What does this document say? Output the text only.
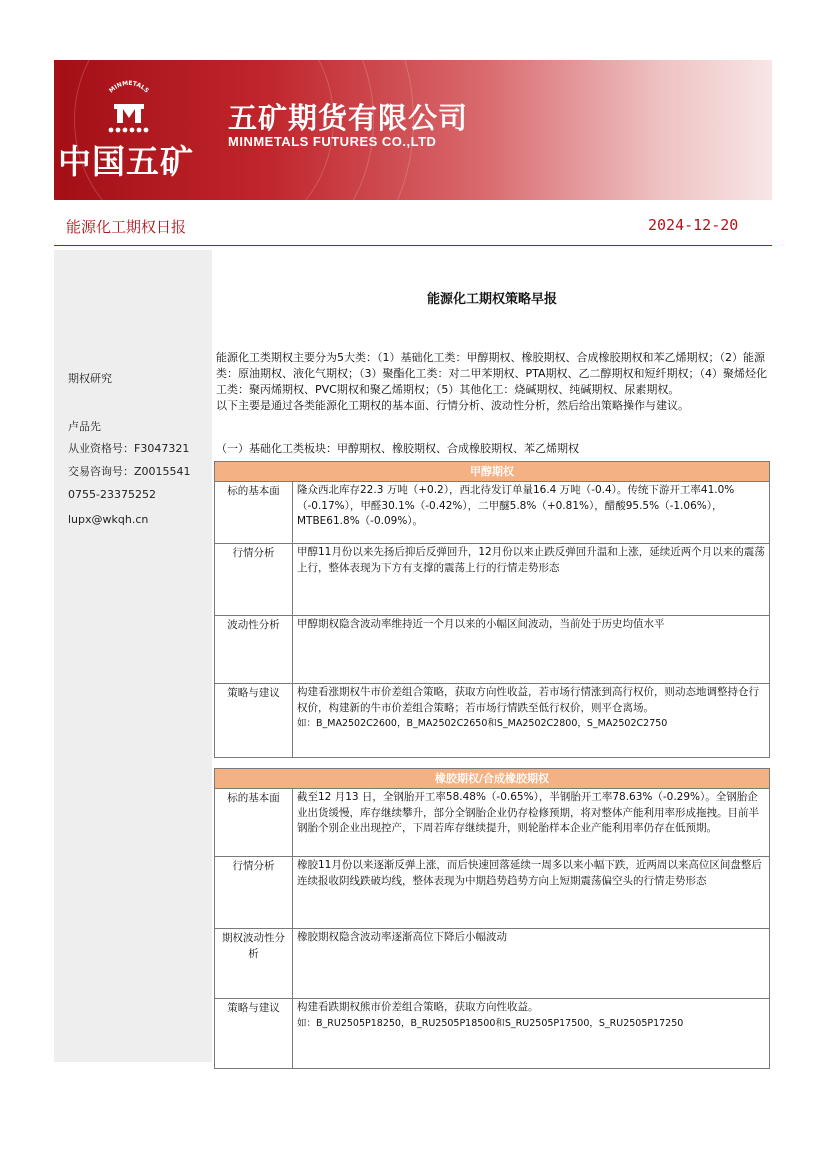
MINMETALS
中国五矿
五矿期货有限公司
MINMETALS FUTURES CO.,LTD
能源化工期权日报	2024-12-20
期权研究
卢品先
从业资格号：F3047321
交易咨询号：Z0015541
0755-23375252
lupx@wkqh.cn
能源化工期权策略早报

能源化工类期权主要分为5大类：（1）基础化工类：甲醇期权、橡胶期权、合成橡胶期权和苯乙烯期权；（2）能源类：原油期权、液化气期权；（3）聚酯化工类：对二甲苯期权、PTA期权、乙二醇期权和短纤期权；（4）聚烯烃化工类：聚丙烯期权、PVC期权和聚乙烯期权；（5）其他化工：烧碱期权、纯碱期权、尿素期权。

以下主要是通过各类能源化工期权的基本面、行情分析、波动性分析，然后给出策略操作与建议。

（一）基础化工类板块：甲醇期权、橡胶期权、合成橡胶期权、苯乙烯期权
甲醇期权	
标的基本面	隆众西北库存22.3 万吨（+0.2），西北待发订单量16.4 万吨（-0.4）。传统下游开工率41.0%（-0.17%），甲醛30.1%（-0.42%），二甲醚5.8%（+0.81%），醋酸95.5%（-1.06%），MTBE61.8%（-0.09%）。
行情分析	甲醇11月份以来先扬后抑后反弹回升，12月份以来止跌反弹回升温和上涨，延续近两个月以来的震荡上行，整体表现为下方有支撑的震荡上行的行情走势形态
波动性分析	甲醇期权隐含波动率维持近一个月以来的小幅区间波动，当前处于历史均值水平
策略与建议	构建看涨期权牛市价差组合策略，获取方向性收益，若市场行情涨到高行权价，则动态地调整持仓行权价，构建新的牛市价差组合策略；若市场行情跌至低行权价，则平仓离场。
如：B_MA2502C2600，B_MA2502C2650和S_MA2502C2800，S_MA2502C2750
橡胶期权/合成橡胶期权	
标的基本面	截至12 月13 日，全钢胎开工率58.48%（-0.65%），半钢胎开工率78.63%（-0.29%）。全钢胎企业出货缓慢，库存继续攀升，部分全钢胎企业仍存检修预期，将对整体产能利用率形成拖拽。目前半钢胎个别企业出现控产，下周若库存继续提升，则轮胎样本企业产能利用率仍存在低预期。
行情分析	橡胶11月份以来逐渐反弹上涨，而后快速回落延续一周多以来小幅下跌，近两周以来高位区间盘整后连续报收阴线跌破均线，整体表现为中期趋势趋势方向上短期震荡偏空头的行情走势形态
期权波动性分析	橡胶期权隐含波动率逐渐高位下降后小幅波动
策略与建议	构建看跌期权熊市价差组合策略，获取方向性收益。
如：B_RU2505P18250，B_RU2505P18500和S_RU2505P17500，S_RU2505P17250
